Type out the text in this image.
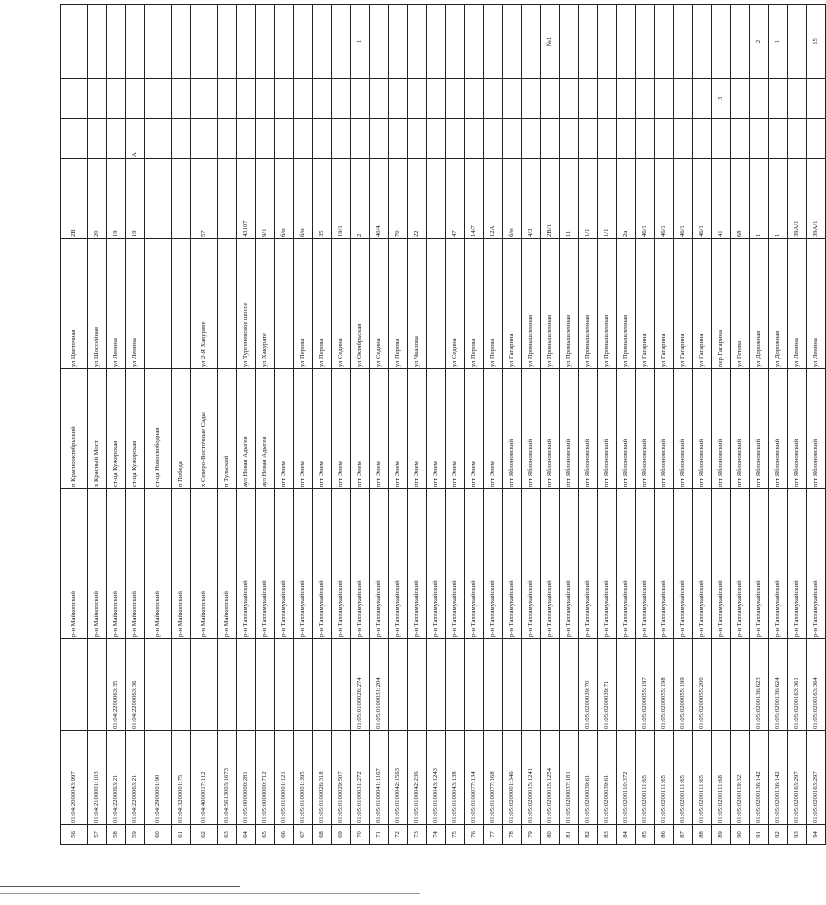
56	01:04:2000043:997		р-н Майкопский	п Краснооктябрьский	ул Цветочная	2В			
57	01:04:2100001:103		р-н Майкопский	х Красный Мост	ул Шоссейная	20			
58	01:04:2200063:21	01:04:2200063:35	р-н Майкопский	ст-ца Кужорская	ул Ленина	19			
59	01:04:2200063:21	01:04:2200063:36	р-н Майкопский	ст-ца Кужорская	ул Ленина	19	А		
60	01:04:2900001:90		р-н Майкопский	ст-ца Новосвободная					
61	01:04:3200001:75		р-н Майкопский	п Победа					
62	01:04:4000017:112		р-н Майкопский	х Северо-Восточные Сады	ул 2-Я Хакурате	57			
63	01:04:5613003:1673		р-н Майкопский	п Тульский					
64	01:05:0000000:281		р-н Тахтамукайский	аул Новая Адыгея	ул Тургеневское шоссе	43107			
65	01:05:0000000:712		р-н Тахтамукайский	аул Новая Адыгея	ул Хакурате	9/1			
66	01:05:0100001:121		р-н Тахтамукайский	пгт Энем		б/н			
67	01:05:0100001:395		р-н Тахтамукайский	пгт Энем	ул Перова	б/н			
68	01:05:0100026:318		р-н Тахтамукайский	пгт Энем	ул Перова	35			
69	01:05:0100029:507		р-н Тахтамукайский	пгт Энем	ул Седина	19/1			
70	01:05:0100031:272	01:05:0100026:274	р-н Тахтамукайский	пгт Энем	ул Октябрьская	2			1
71	01:05:0100041:1167	01:05:0100031:204	р-н Тахтамукайский	пгт Энем	ул Седина	40/4			
72	01:05:0100042:1563		р-н Тахтамукайский	пгт Энем	ул Перова	70			
73	01:05:0100042:236		р-н Тахтамукайский	пгт Энем	ул Чкалова	22			
74	01:05:0100043:1243		р-н Тахтамукайский	пгт Энем					
75	01:05:0100043:138		р-н Тахтамукайский	пгт Энем	ул Седина	47			
76	01:05:0100077:134		р-н Тахтамукайский	пгт Энем	ул Перова	14/7			
77	01:05:0100077:168		р-н Тахтамукайский	пгт Энем	ул Перова	12А			
78	01:05:0200001:346		р-н Тахтамукайский	пгт Яблоновский	ул Гагарина	б/н			
79	01:05:0200015:1241		р-н Тахтамукайский	пгт Яблоновский	ул Промышленная	4/3			
80	01:05:0200015:1254		р-н Тахтамукайский	пгт Яблоновский	ул Промышленная	2В/1			№1
81	01:05:0200037:181		р-н Тахтамукайский	пгт Яблоновский	ул Промышленная	11			
82	01:05:0200039:61	01:05:0200039:70	р-н Тахтамукайский	пгт Яблоновский	ул Промышленная	1/1			
83	01:05:0200039:61	01:05:0200039:71	р-н Тахтамукайский	пгт Яблоновский	ул Промышленная	1/1			
84	01:05:0200110:372		р-н Тахтамукайский	пгт Яблоновский	ул Промышленная	2а			
85	01:05:0200111:65	01:05:0200055:197	р-н Тахтамукайский	пгт Яблоновский	ул Гагарина	46/1			
86	01:05:0200111:65	01:05:0200055:198	р-н Тахтамукайский	пгт Яблоновский	ул Гагарина	46/1			
87	01:05:0200111:65	01:05:0200055:199	р-н Тахтамукайский	пгт Яблоновский	ул Гагарина	46/1			
88	01:05:0200111:65	01:05:0200055:200	р-н Тахтамукайский	пгт Яблоновский	ул Гагарина	46/1			
89	01:05:0200111:68		р-н Тахтамукайский	пгт Яблоновский	пер Гагарина	41		3	
90	01:05:0200119:32		р-н Тахтамукайский	пгт Яблоновский	ул Гетева	68			
91	01:05:0200136:142	01:05:0200136:623	р-н Тахтамукайский	пгт Яблоновский	ул Дорожная	1			2
92	01:05:0200136:142	01:05:0200136:624	р-н Тахтамукайский	пгт Яблоновский	ул Дорожная	1			1
93	01:05:0200163:297	01:05:0200163:361	р-н Тахтамукайский	пгт Яблоновский	ул Ленина	39А/1			
94	01:05:0200163:297	01:05:0200163:364	р-н Тахтамукайский	пгт Яблоновский	ул Ленина	39А/1			15
